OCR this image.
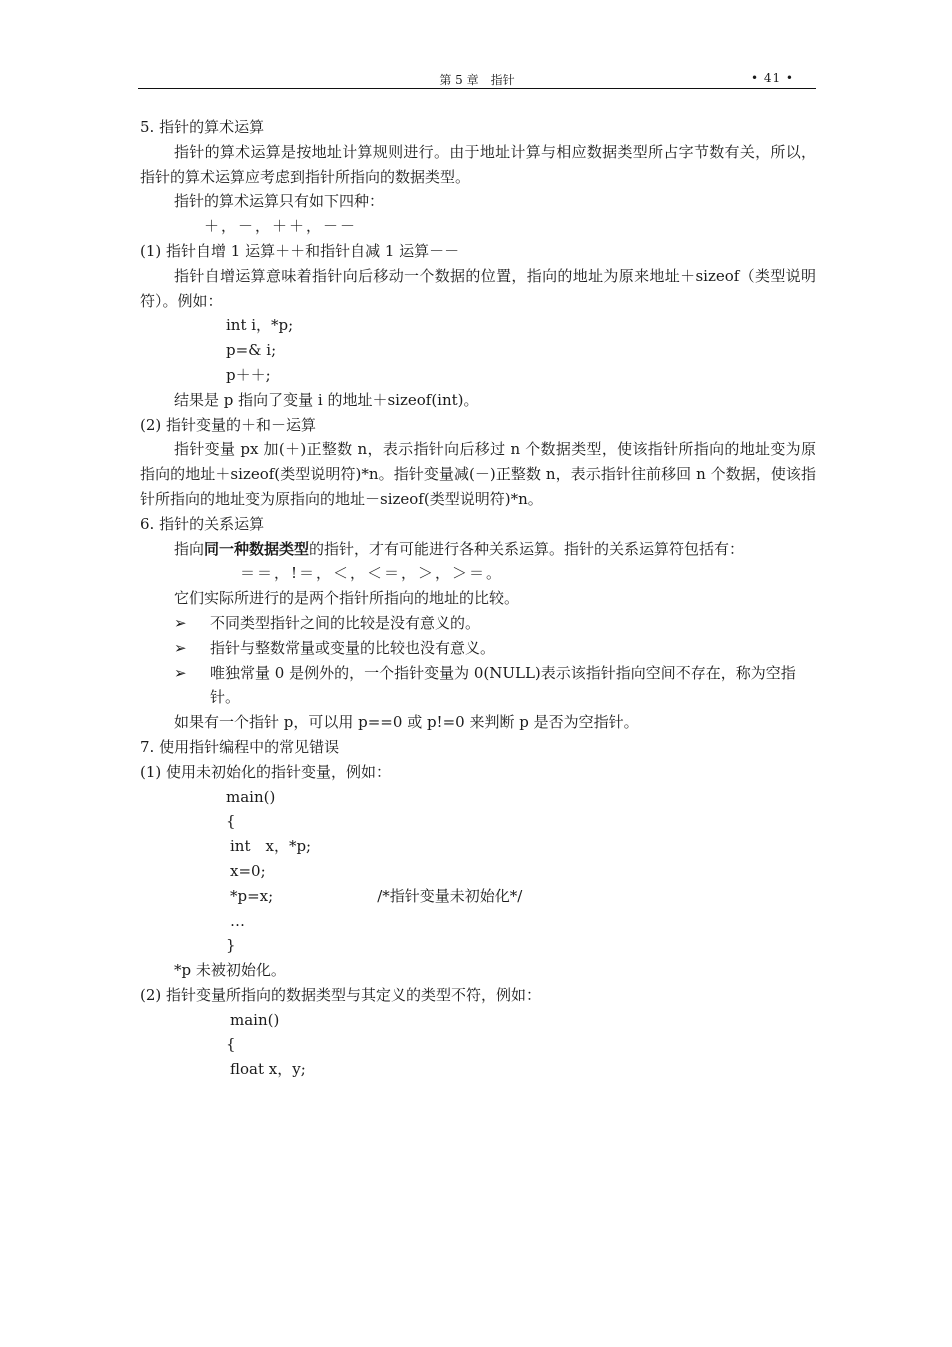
第 5 章　指针	• 41 •

5. 指针的算术运算

指针的算术运算是按地址计算规则进行。由于地址计算与相应数据类型所占字节数有关，所以，指针的算术运算应考虑到指针所指向的数据类型。

指针的算术运算只有如下四种：

＋，－，＋＋，－－

(1) 指针自增 1 运算＋＋和指针自减 1 运算－－

指针自增运算意味着指针向后移动一个数据的位置，指向的地址为原来地址＋sizeof（类型说明符）。例如：

int i，*p;

p=& i;

p＋＋;

结果是 p 指向了变量 i 的地址＋sizeof(int)。

(2) 指针变量的＋和－运算

指针变量 px 加(＋)正整数 n，表示指针向后移过 n 个数据类型，使该指针所指向的地址变为原指向的地址＋sizeof(类型说明符)*n。指针变量减(－)正整数 n，表示指针往前移回 n 个数据，使该指针所指向的地址变为原指向的地址－sizeof(类型说明符)*n。

6. 指针的关系运算

指向同一种数据类型的指针，才有可能进行各种关系运算。指针的关系运算符包括有：

＝＝，!＝，＜，＜＝，＞，＞＝。

它们实际所进行的是两个指针所指向的地址的比较。

➢	不同类型指针之间的比较是没有意义的。
➢	指针与整数常量或变量的比较也没有意义。
➢	唯独常量 0 是例外的，一个指针变量为 0(NULL)表示该指针指向空间不存在，称为空指针。

如果有一个指针 p，可以用 p==0 或 p!=0 来判断 p 是否为空指针。

7. 使用指针编程中的常见错误

(1) 使用未初始化的指针变量，例如：

main()

{

int　x，*p;

x=0;

*p=x;	/*指针变量未初始化*/

…

}

*p 未被初始化。

(2) 指针变量所指向的数据类型与其定义的类型不符，例如：

main()

{

float x，y;
